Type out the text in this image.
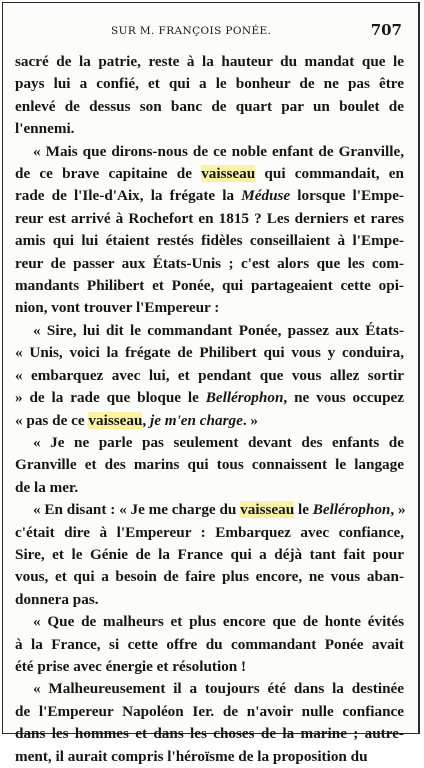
SUR M. FRANÇOIS PONÉE.	707
sacré de la patrie, reste à la hauteur du mandat que le
pays lui a confié, et qui a le bonheur de ne pas être
enlevé de dessus son banc de quart par un boulet de
l'ennemi.
« Mais que dirons-nous de ce noble enfant de Granville,
de ce brave capitaine de vaisseau qui commandait, en
rade de l'Ile-d'Aix, la frégate la Méduse lorsque l'Empe-
reur est arrivé à Rochefort en 1815 ? Les derniers et rares
amis qui lui étaient restés fidèles conseillaient à l'Empe-
reur de passer aux États-Unis ; c'est alors que les com-
mandants Philibert et Ponée, qui partageaient cette opi-
nion, vont trouver l'Empereur :
« Sire, lui dit le commandant Ponée, passez aux États-
« Unis, voici la frégate de Philibert qui vous y conduira,
« embarquez avec lui, et pendant que vous allez sortir
» de la rade que bloque le Bellérophon, ne vous occupez
« pas de ce vaisseau, je m'en charge. »
« Je ne parle pas seulement devant des enfants de
Granville et des marins qui tous connaissent le langage
de la mer.
« En disant : « Je me charge du vaisseau le Bellérophon, »
c'était dire à l'Empereur : Embarquez avec confiance,
Sire, et le Génie de la France qui a déjà tant fait pour
vous, et qui a besoin de faire plus encore, ne vous aban-
donnera pas.
« Que de malheurs et plus encore que de honte évités
à la France, si cette offre du commandant Ponée avait
été prise avec énergie et résolution !
« Malheureusement il a toujours été dans la destinée
de l'Empereur Napoléon Ier. de n'avoir nulle confiance
dans les hommes et dans les choses de la marine ; autre-
ment, il aurait compris l'héroïsme de la proposition du
